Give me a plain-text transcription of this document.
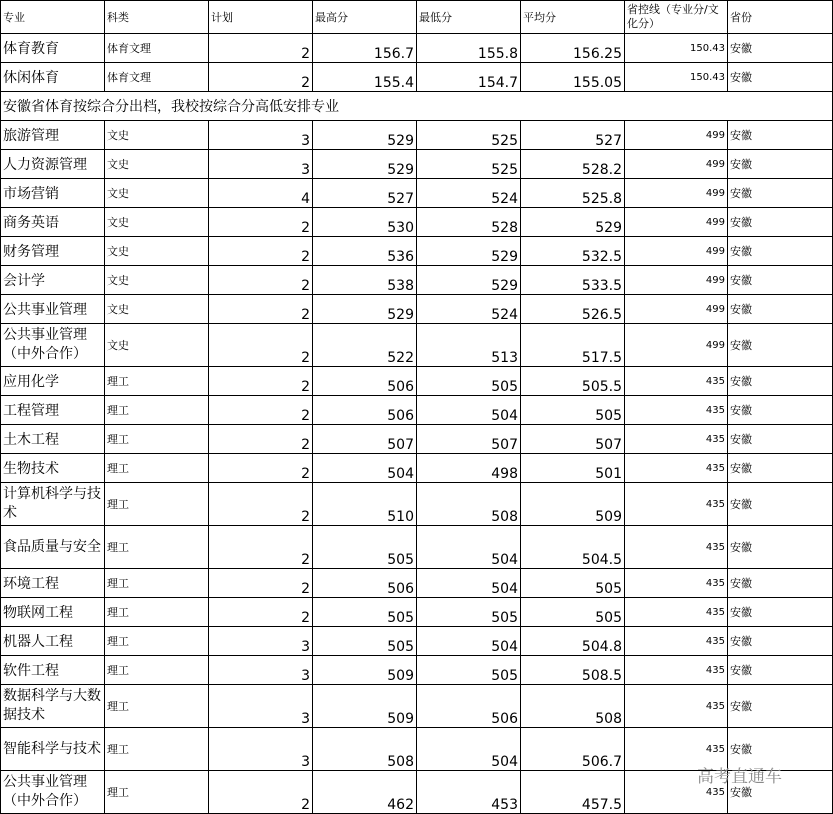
专业	科类	计划	最高分	最低分	平均分	省控线（专业分/文化分）	省份
体育教育	体育文理	2	156.7	155.8	156.25	150.43	安徽
休闲体育	体育文理	2	155.4	154.7	155.05	150.43	安徽
安徽省体育按综合分出档，我校按综合分高低安排专业							
旅游管理	文史	3	529	525	527	499	安徽
人力资源管理	文史	3	529	525	528.2	499	安徽
市场营销	文史	4	527	524	525.8	499	安徽
商务英语	文史	2	530	528	529	499	安徽
财务管理	文史	2	536	529	532.5	499	安徽
会计学	文史	2	538	529	533.5	499	安徽
公共事业管理	文史	2	529	524	526.5	499	安徽
公共事业管理（中外合作）	文史	2	522	513	517.5	499	安徽
应用化学	理工	2	506	505	505.5	435	安徽
工程管理	理工	2	506	504	505	435	安徽
土木工程	理工	2	507	507	507	435	安徽
生物技术	理工	2	504	498	501	435	安徽
计算机科学与技术	理工	2	510	508	509	435	安徽
食品质量与安全	理工	2	505	504	504.5	435	安徽
环境工程	理工	2	506	504	505	435	安徽
物联网工程	理工	2	505	505	505	435	安徽
机器人工程	理工	3	505	504	504.8	435	安徽
软件工程	理工	3	509	505	508.5	435	安徽
数据科学与大数据技术	理工	3	509	506	508	435	安徽
智能科学与技术	理工	3	508	504	506.7	435	安徽
公共事业管理（中外合作）	理工	2	462	453	457.5	435	安徽
高考直通车
